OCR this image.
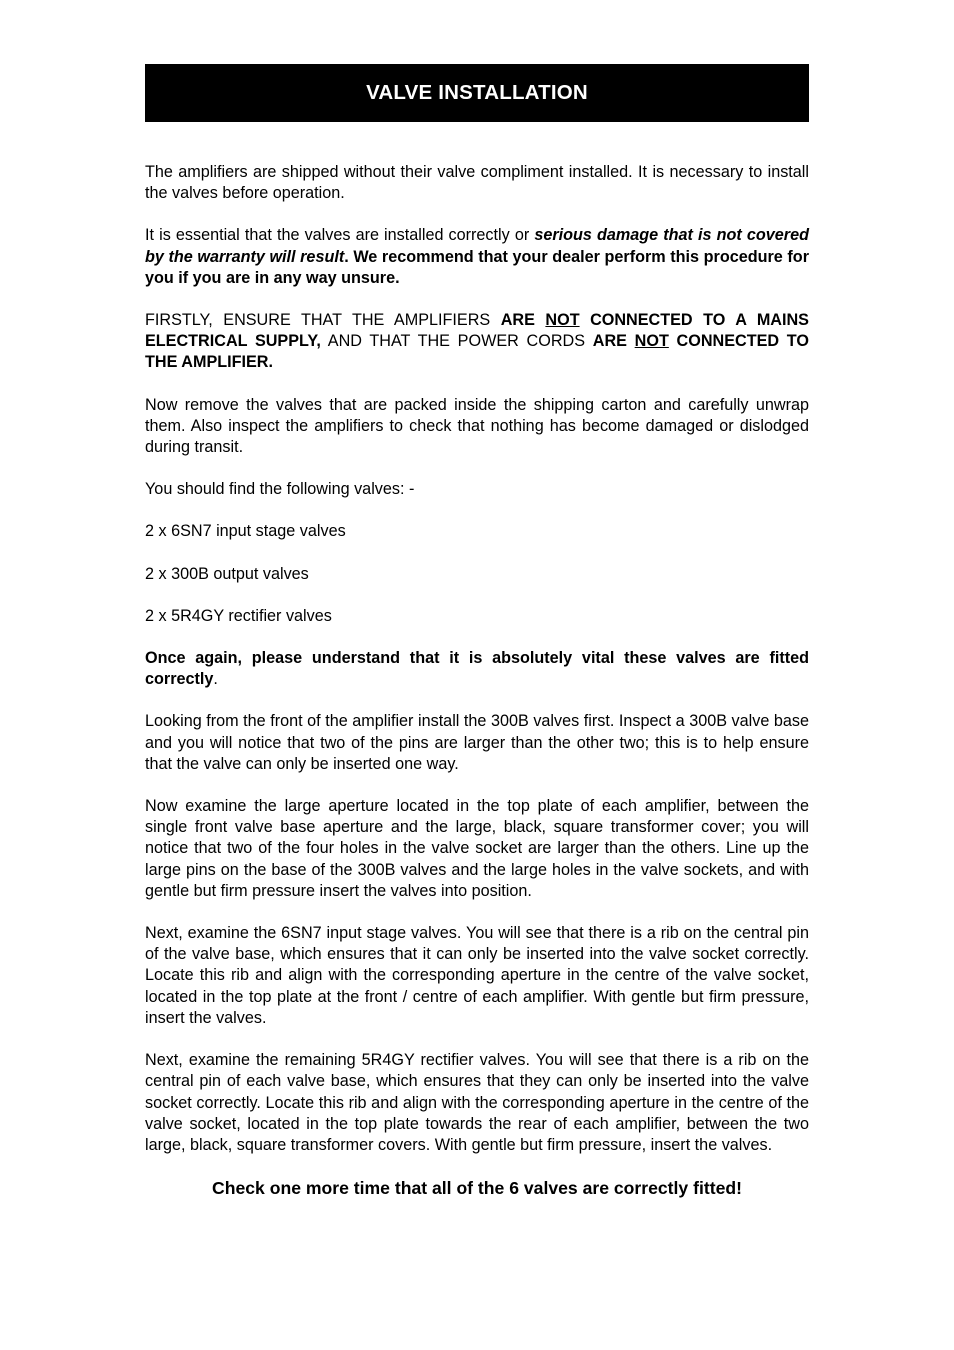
VALVE INSTALLATION

The amplifiers are shipped without their valve compliment installed. It is necessary to install the valves before operation.

It is essential that the valves are installed correctly or serious damage that is not covered by the warranty will result. We recommend that your dealer perform this procedure for you if you are in any way unsure.

FIRSTLY, ENSURE THAT THE AMPLIFIERS ARE NOT CONNECTED TO A MAINS ELECTRICAL SUPPLY, AND THAT THE POWER CORDS ARE NOT CONNECTED TO THE AMPLIFIER.

Now remove the valves that are packed inside the shipping carton and carefully unwrap them. Also inspect the amplifiers to check that nothing has become damaged or dislodged during transit.

You should find the following valves: -

2 x 6SN7 input stage valves

2 x 300B output valves

2 x 5R4GY rectifier valves

Once again, please understand that it is absolutely vital these valves are fitted correctly.

Looking from the front of the amplifier install the 300B valves first. Inspect a 300B valve base and you will notice that two of the pins are larger than the other two; this is to help ensure that the valve can only be inserted one way.

Now examine the large aperture located in the top plate of each amplifier, between the single front valve base aperture and the large, black, square transformer cover; you will notice that two of the four holes in the valve socket are larger than the others. Line up the large pins on the base of the 300B valves and the large holes in the valve sockets, and with gentle but firm pressure insert the valves into position.

Next, examine the 6SN7 input stage valves. You will see that there is a rib on the central pin of the valve base, which ensures that it can only be inserted into the valve socket correctly. Locate this rib and align with the corresponding aperture in the centre of the valve socket, located in the top plate at the front / centre of each amplifier. With gentle but firm pressure, insert the valves.

Next, examine the remaining 5R4GY rectifier valves. You will see that there is a rib on the central pin of each valve base, which ensures that they can only be inserted into the valve socket correctly. Locate this rib and align with the corresponding aperture in the centre of the valve socket, located in the top plate towards the rear of each amplifier, between the two large, black, square transformer covers. With gentle but firm pressure, insert the valves.

Check one more time that all of the 6 valves are correctly fitted!
